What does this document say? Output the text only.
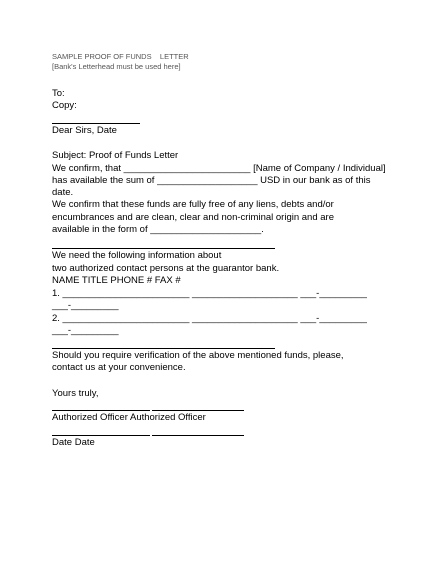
SAMPLE PROOF OF FUNDS    LETTER
[Bank's Letterhead must be used here]
To:
Copy:
Dear Sirs, Date
Subject: Proof of Funds Letter
We confirm, that ________________________ [Name of Company / Individual]
has available the sum of ___________________ USD in our bank as of this
date.
We confirm that these funds are fully free of any liens, debts and/or
encumbrances and are clean, clear and non-criminal origin and are
available in the form of _____________________.
We need the following information about
two authorized contact persons at the guarantor bank.
NAME TITLE PHONE # FAX #
1. ________________________ ____________________ ___-_________
___-_________
2. ________________________ ____________________ ___-_________
___-_________
Should you require verification of the above mentioned funds, please,
contact us at your convenience.
Yours truly,
Authorized Officer Authorized Officer
Date Date
